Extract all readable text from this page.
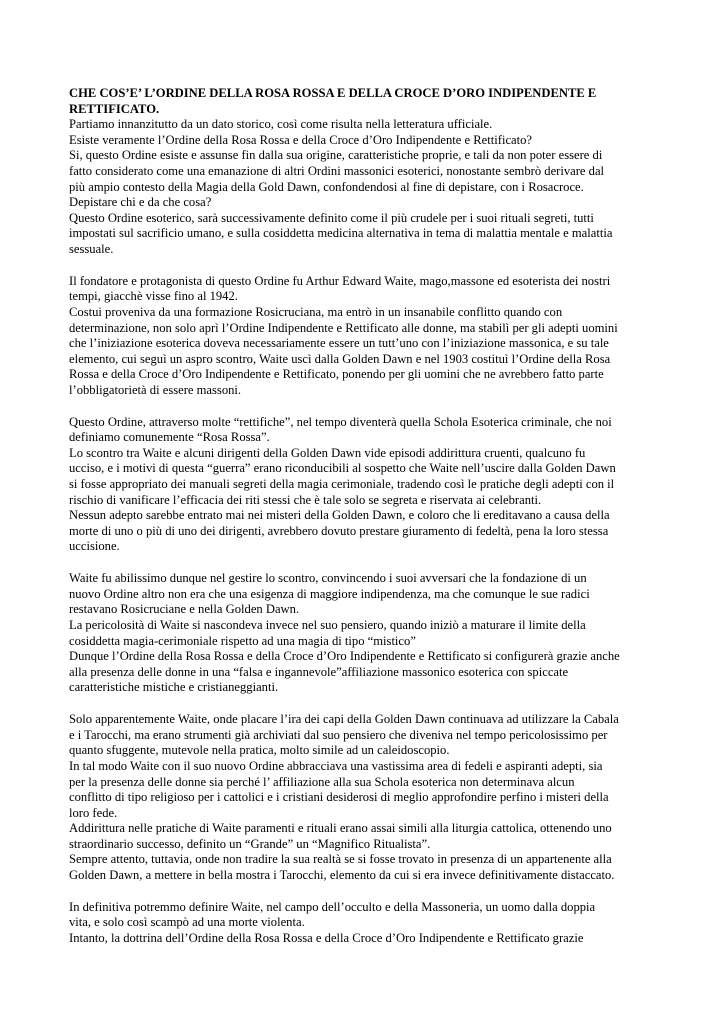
CHE COS’E’ L’ORDINE DELLA ROSA ROSSA E DELLA CROCE D’ORO INDIPENDENTE E
RETTIFICATO.
Partiamo innanzitutto da un dato storico, così come risulta nella letteratura ufficiale.
Esiste veramente l’Ordine della Rosa Rossa e della Croce d’Oro Indipendente e Rettificato?
Si, questo Ordine esiste e assunse fin dalla sua origine, caratteristiche proprie, e tali da non poter essere di
fatto considerato come una emanazione di altri Ordini massonici esoterici, nonostante sembrò derivare dal
più ampio contesto della Magia della Gold Dawn, confondendosi al fine di depistare, con i Rosacroce.
Depistare chi e da che cosa?
Questo Ordine esoterico, sarà successivamente definito come il più crudele per i suoi rituali segreti, tutti
impostati sul sacrificio umano, e sulla cosiddetta medicina alternativa in tema di malattia mentale e malattia
sessuale.
Il fondatore e protagonista di questo Ordine fu Arthur Edward Waite, mago,massone ed esoterista dei nostri
tempi, giacchè visse fino al 1942.
Costui proveniva da una formazione Rosicruciana, ma entrò in un insanabile conflitto quando con
determinazione, non solo aprì l’Ordine Indipendente e Rettificato alle donne, ma stabilì per gli adepti uomini
che l’iniziazione esoterica doveva necessariamente essere un tutt’uno con l’iniziazione massonica, e su tale
elemento, cui seguì un aspro scontro, Waite uscì dalla Golden Dawn e nel 1903 costituì l’Ordine della Rosa
Rossa e della Croce d’Oro Indipendente e Rettificato, ponendo per gli uomini che ne avrebbero fatto parte
l’obbligatorietà di essere massoni.
Questo Ordine, attraverso molte “rettifiche”, nel tempo diventerà quella Schola Esoterica criminale, che noi
definiamo comunemente “Rosa Rossa”.
Lo scontro tra Waite e alcuni dirigenti della Golden Dawn vide episodi addirittura cruenti, qualcuno fu
ucciso, e i motivi di questa “guerra” erano riconducibili al sospetto che Waite nell’uscire dalla Golden Dawn
si fosse appropriato dei manuali segreti della magia cerimoniale, tradendo così le pratiche degli adepti con il
rischio di vanificare l’efficacia dei riti stessi che è tale solo se segreta e riservata ai celebranti.
Nessun adepto sarebbe entrato mai nei misteri della Golden Dawn, e coloro che li ereditavano a causa della
morte di uno o più di uno dei dirigenti, avrebbero dovuto prestare giuramento di fedeltà, pena la loro stessa
uccisione.
Waite fu abilissimo dunque nel gestire lo scontro, convincendo i suoi avversari che la fondazione di un
nuovo Ordine altro non era che una esigenza di maggiore indipendenza, ma che comunque le sue radici
restavano Rosicruciane e nella Golden Dawn.
La pericolosità di Waite si nascondeva invece nel suo pensiero, quando iniziò a maturare il limite della
cosiddetta magia-cerimoniale rispetto ad una magia di tipo “mistico”
Dunque l’Ordine della Rosa Rossa e della Croce d’Oro Indipendente e Rettificato si configurerà grazie anche
alla presenza delle donne in una “falsa e ingannevole”affiliazione massonico esoterica con spiccate
caratteristiche mistiche e cristianeggianti.
Solo apparentemente Waite, onde placare l’ira dei capi della Golden Dawn continuava ad utilizzare la Cabala
e i Tarocchi, ma erano strumenti già archiviati dal suo pensiero che diveniva nel tempo pericolosissimo per
quanto sfuggente, mutevole nella pratica, molto simile ad un caleidoscopio.
In tal modo Waite con il suo nuovo Ordine abbracciava una vastissima area di fedeli e aspiranti adepti, sia
per la presenza delle donne sia perché l’ affiliazione alla sua Schola esoterica non determinava alcun
conflitto di tipo religioso per i cattolici e i cristiani desiderosi di meglio approfondire perfino i misteri della
loro fede.
Addirittura nelle pratiche di Waite paramenti e rituali erano assai simili alla liturgia cattolica, ottenendo uno
straordinario successo, definito un “Grande” un “Magnifico Ritualista”.
Sempre attento, tuttavia, onde non tradire la sua realtà se si fosse trovato in presenza di un appartenente alla
Golden Dawn, a mettere in bella mostra i Tarocchi, elemento da cui si era invece definitivamente distaccato.
In definitiva potremmo definire Waite, nel campo dell’occulto e della Massoneria, un uomo dalla doppia
vita, e solo così scampò ad una morte violenta.
Intanto, la dottrina dell’Ordine della Rosa Rossa e della Croce d’Oro Indipendente e Rettificato grazie
